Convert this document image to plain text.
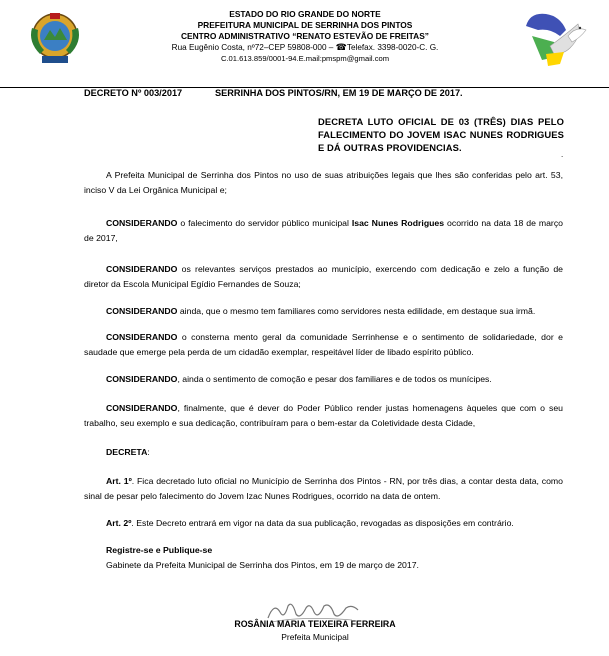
ESTADO DO RIO GRANDE DO NORTE
PREFEITURA MUNICIPAL DE SERRINHA DOS PINTOS
CENTRO ADMINISTRATIVO “RENATO ESTEVÃO DE FREITAS”
Rua Eugênio Costa, nº72–CEP 59808-000 – ☎Telefax. 3398-0020-C. G.
C.01.613.859/0001-94.E.mail:pmspm@gmail.com
DECRETO Nº 003/2017	SERRINHA DOS PINTOS/RN, EM 19 DE MARÇO DE 2017.
DECRETA LUTO OFICIAL DE 03 (TRÊS) DIAS PELO FALECIMENTO DO JOVEM ISAC NUNES RODRIGUES E DÁ OUTRAS PROVIDENCIAS.
.
A Prefeita Municipal de Serrinha dos Pintos no uso de suas atribuições legais que lhes são conferidas pelo art. 53, inciso V da Lei Orgânica Municipal e;
CONSIDERANDO o falecimento do servidor público municipal Isac Nunes Rodrigues ocorrido na data 18 de março de 2017,
CONSIDERANDO os relevantes serviços prestados ao município, exercendo com dedicação e zelo a função de diretor da Escola Municipal Egídio Fernandes de Souza;
CONSIDERANDO ainda, que o mesmo tem familiares como servidores nesta edilidade, em destaque sua irmã.
CONSIDERANDO o consterna mento geral da comunidade Serrinhense e o sentimento de solidariedade, dor e saudade que emerge pela perda de um cidadão exemplar, respeitável líder de libado espírito público.
CONSIDERANDO, ainda o sentimento de comoção e pesar dos familiares e de todos os munícipes.
CONSIDERANDO, finalmente, que é dever do Poder Público render justas homenagens àqueles que com o seu trabalho, seu exemplo e sua dedicação, contribuíram para o bem-estar da Coletividade desta Cidade,
DECRETA:
Art. 1º. Fica decretado luto oficial no Município de Serrinha dos Pintos - RN, por três dias, a contar desta data, como sinal de pesar pelo falecimento do Jovem Izac Nunes Rodrigues, ocorrido na data de ontem.
Art. 2º. Este Decreto entrará em vigor na data da sua publicação, revogadas as disposições em contrário.
Registre-se e Publique-se
Gabinete da Prefeita Municipal de Serrinha dos Pintos, em 19 de março de 2017.
ROSÂNIA MARIA TEIXEIRA FERREIRA
Prefeita Municipal
